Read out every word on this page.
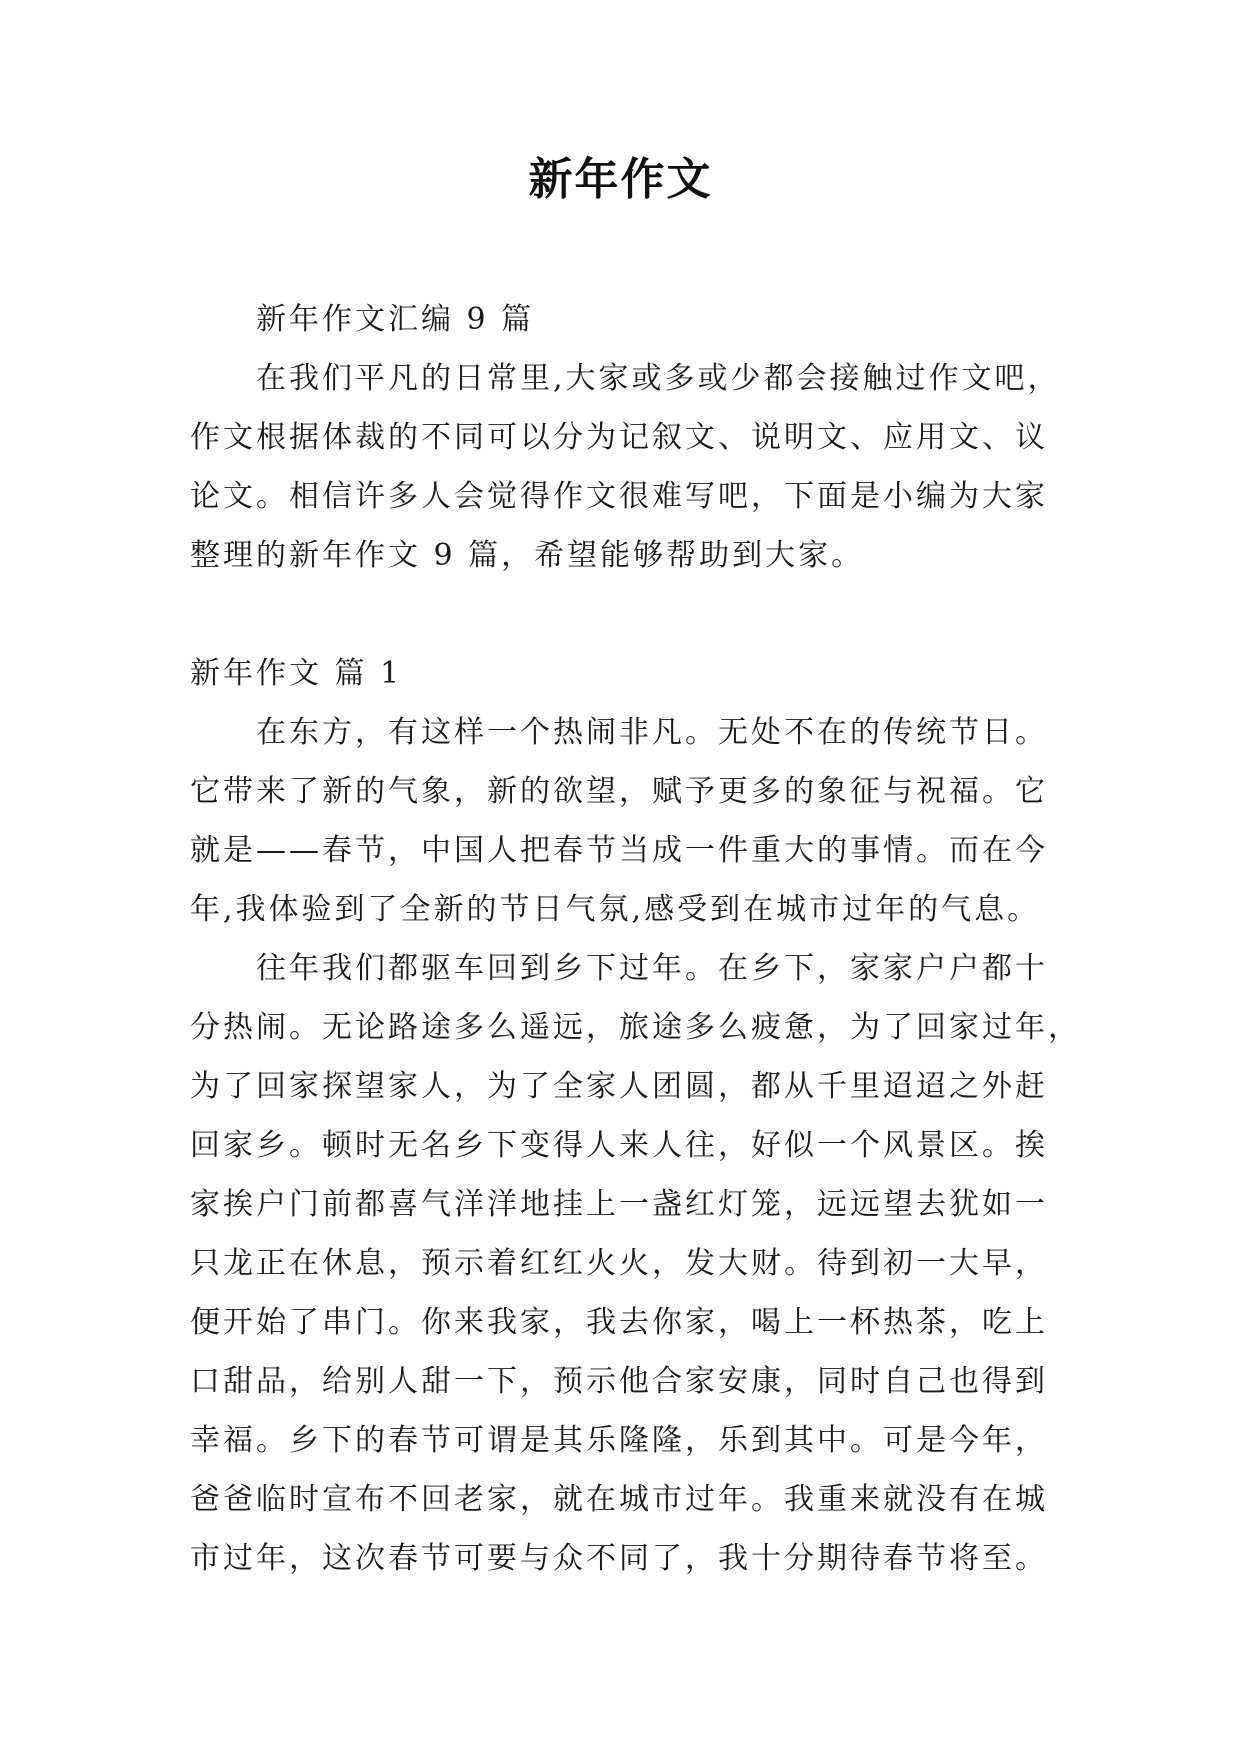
新年作文
新年作文汇编 9 篇
在我们平凡的日常里,大家或多或少都会接触过作文吧，
作文根据体裁的不同可以分为记叙文、说明文、应用文、议
论文。相信许多人会觉得作文很难写吧，下面是小编为大家
整理的新年作文 9 篇，希望能够帮助到大家。
新年作文 篇 1
在东方，有这样一个热闹非凡。无处不在的传统节日。
它带来了新的气象，新的欲望，赋予更多的象征与祝福。它
就是——春节，中国人把春节当成一件重大的事情。而在今
年,我体验到了全新的节日气氛,感受到在城市过年的气息。
往年我们都驱车回到乡下过年。在乡下，家家户户都十
分热闹。无论路途多么遥远，旅途多么疲惫，为了回家过年，
为了回家探望家人，为了全家人团圆，都从千里迢迢之外赶
回家乡。顿时无名乡下变得人来人往，好似一个风景区。挨
家挨户门前都喜气洋洋地挂上一盏红灯笼，远远望去犹如一
只龙正在休息，预示着红红火火，发大财。待到初一大早，
便开始了串门。你来我家，我去你家，喝上一杯热茶，吃上
口甜品，给别人甜一下，预示他合家安康，同时自己也得到
幸福。乡下的春节可谓是其乐隆隆，乐到其中。可是今年，
爸爸临时宣布不回老家，就在城市过年。我重来就没有在城
市过年，这次春节可要与众不同了，我十分期待春节将至。
